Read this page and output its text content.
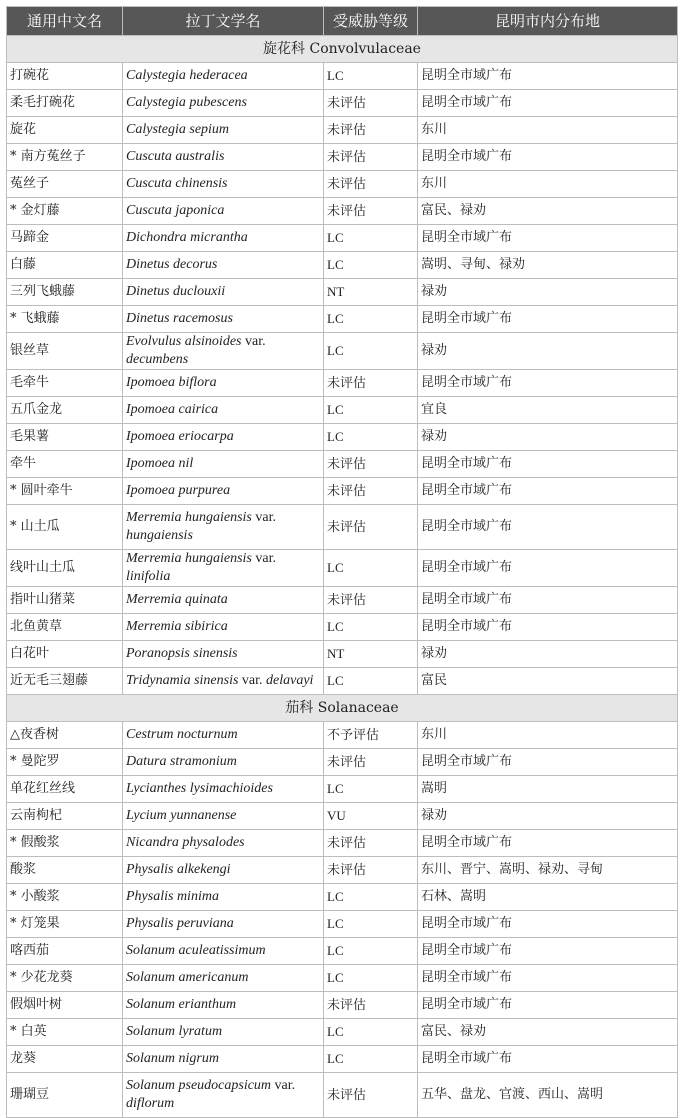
通用中文名	拉丁文学名	受威胁等级	昆明市内分布地
旋花科 Convolvulaceae			
打碗花	Calystegia hederacea	LC	昆明全市域广布
柔毛打碗花	Calystegia pubescens	未评估	昆明全市域广布
旋花	Calystegia sepium	未评估	东川
* 南方菟丝子	Cuscuta australis	未评估	昆明全市域广布
菟丝子	Cuscuta chinensis	未评估	东川
* 金灯藤	Cuscuta japonica	未评估	富民、禄劝
马蹄金	Dichondra micrantha	LC	昆明全市域广布
白藤	Dinetus decorus	LC	嵩明、寻甸、禄劝
三列飞蛾藤	Dinetus duclouxii	NT	禄劝
* 飞蛾藤	Dinetus racemosus	LC	昆明全市域广布
银丝草	Evolvulus alsinoides var. decumbens	LC	禄劝
毛牵牛	Ipomoea biflora	未评估	昆明全市域广布
五爪金龙	Ipomoea cairica	LC	宜良
毛果薯	Ipomoea eriocarpa	LC	禄劝
牵牛	Ipomoea nil	未评估	昆明全市域广布
* 圆叶牵牛	Ipomoea purpurea	未评估	昆明全市域广布
* 山土瓜	Merremia hungaiensis var. hungaiensis	未评估	昆明全市域广布
线叶山土瓜	Merremia hungaiensis var. linifolia	LC	昆明全市域广布
指叶山猪菜	Merremia quinata	未评估	昆明全市域广布
北鱼黄草	Merremia sibirica	LC	昆明全市域广布
白花叶	Poranopsis sinensis	NT	禄劝
近无毛三翅藤	Tridynamia sinensis var. delavayi	LC	富民
茄科 Solanaceae			
△夜香树	Cestrum nocturnum	不予评估	东川
* 曼陀罗	Datura stramonium	未评估	昆明全市域广布
单花红丝线	Lycianthes lysimachioides	LC	嵩明
云南枸杞	Lycium yunnanense	VU	禄劝
* 假酸浆	Nicandra physalodes	未评估	昆明全市域广布
酸浆	Physalis alkekengi	未评估	东川、晋宁、嵩明、禄劝、寻甸
* 小酸浆	Physalis minima	LC	石林、嵩明
* 灯笼果	Physalis peruviana	LC	昆明全市域广布
喀西茄	Solanum aculeatissimum	LC	昆明全市域广布
* 少花龙葵	Solanum americanum	LC	昆明全市域广布
假烟叶树	Solanum erianthum	未评估	昆明全市域广布
* 白英	Solanum lyratum	LC	富民、禄劝
龙葵	Solanum nigrum	LC	昆明全市域广布
珊瑚豆	Solanum pseudocapsicum var. diflorum	未评估	五华、盘龙、官渡、西山、嵩明
